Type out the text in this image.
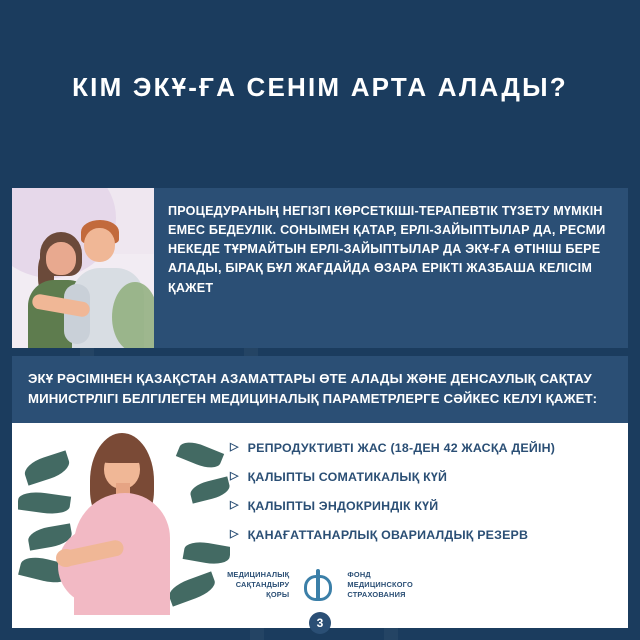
КІМ ЭКҰ-ҒА СЕНІМ АРТА АЛАДЫ?
ПРОЦЕДУРАНЫҢ НЕГІЗГІ КӨРСЕТКІШІ-ТЕРАПЕВТІК ТҮЗЕТУ МҮМКІН ЕМЕС БЕДЕУЛІК. СОНЫМЕН ҚАТАР, ЕРЛІ-ЗАЙЫПТЫЛАР ДА, РЕСМИ НЕКЕДЕ ТҰРМАЙТЫН ЕРЛІ-ЗАЙЫПТЫЛАР ДА ЭКҰ-ҒА ӨТІНІШ БЕРЕ АЛАДЫ, БІРАҚ БҰЛ ЖАҒДАЙДА ӨЗАРА ЕРІКТІ ЖАЗБАША КЕЛІСІМ ҚАЖЕТ
ЭКҰ РӘСІМІНЕН ҚАЗАҚСТАН АЗАМАТТАРЫ ӨТЕ АЛАДЫ ЖӘНЕ ДЕНСАУЛЫҚ САҚТАУ МИНИСТРЛІГІ БЕЛГІЛЕГЕН МЕДИЦИНАЛЫҚ ПАРАМЕТРЛЕРГЕ СӘЙКЕС КЕЛУІ ҚАЖЕТ:
▷ РЕПРОДУКТИВТІ ЖАС (18-ДЕН 42 ЖАСҚА ДЕЙІН)
▷ ҚАЛЫПТЫ СОМАТИКАЛЫҚ КҮЙ
▷ ҚАЛЫПТЫ ЭНДОКРИНДІК КҮЙ
▷ ҚАНАҒАТТАНАРЛЫҚ ОВАРИАЛДЫҚ РЕЗЕРВ
МЕДИЦИНАЛЫҚ
САҚТАНДЫРУ
ҚОРЫ
ФОНД
МЕДИЦИНСКОГО
СТРАХОВАНИЯ
3
